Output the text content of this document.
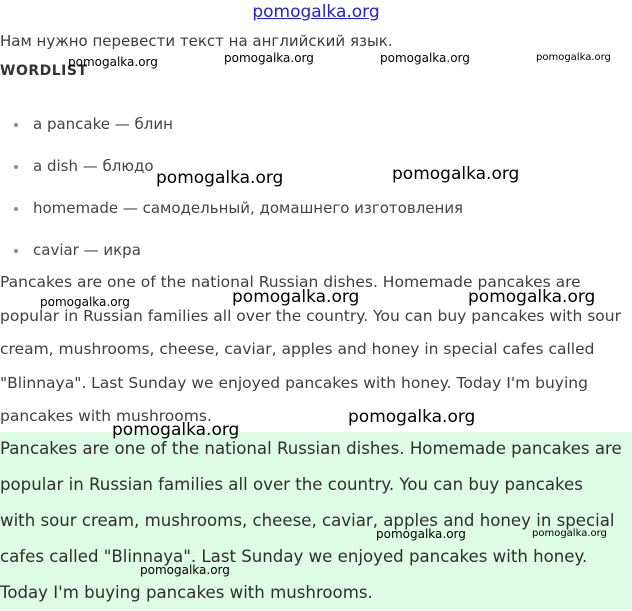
pomogalka.org
Нам нужно перевести текст на английский язык.
WORDLIST
a pancake — блин
a dish — блюдо
homemade — самодельный, домашнего изготовления
caviar — икра

Pancakes are one of the national Russian dishes. Homemade pancakes are popular in Russian families all over the country. You can buy pancakes with sour cream, mushrooms, cheese, caviar, apples and honey in special cafes called "Blinnaya". Last Sunday we enjoyed pancakes with honey. Today I'm buying pancakes with mushrooms.

Pancakes are one of the national Russian dishes. Homemade pancakes are popular in Russian families all over the country. You can buy pancakes with sour cream, mushrooms, cheese, caviar, apples and honey in special cafes called "Blinnaya". Last Sunday we enjoyed pancakes with honey. Today I'm buying pancakes with mushrooms.

pomogalka.org	pomogalka.org	pomogalka.org	pomogalka.org
pomogalka.org	pomogalka.org
pomogalka.org	pomogalka.org	pomogalka.org
pomogalka.org
pomogalka.org
pomogalka.org	pomogalka.org
pomogalka.org
